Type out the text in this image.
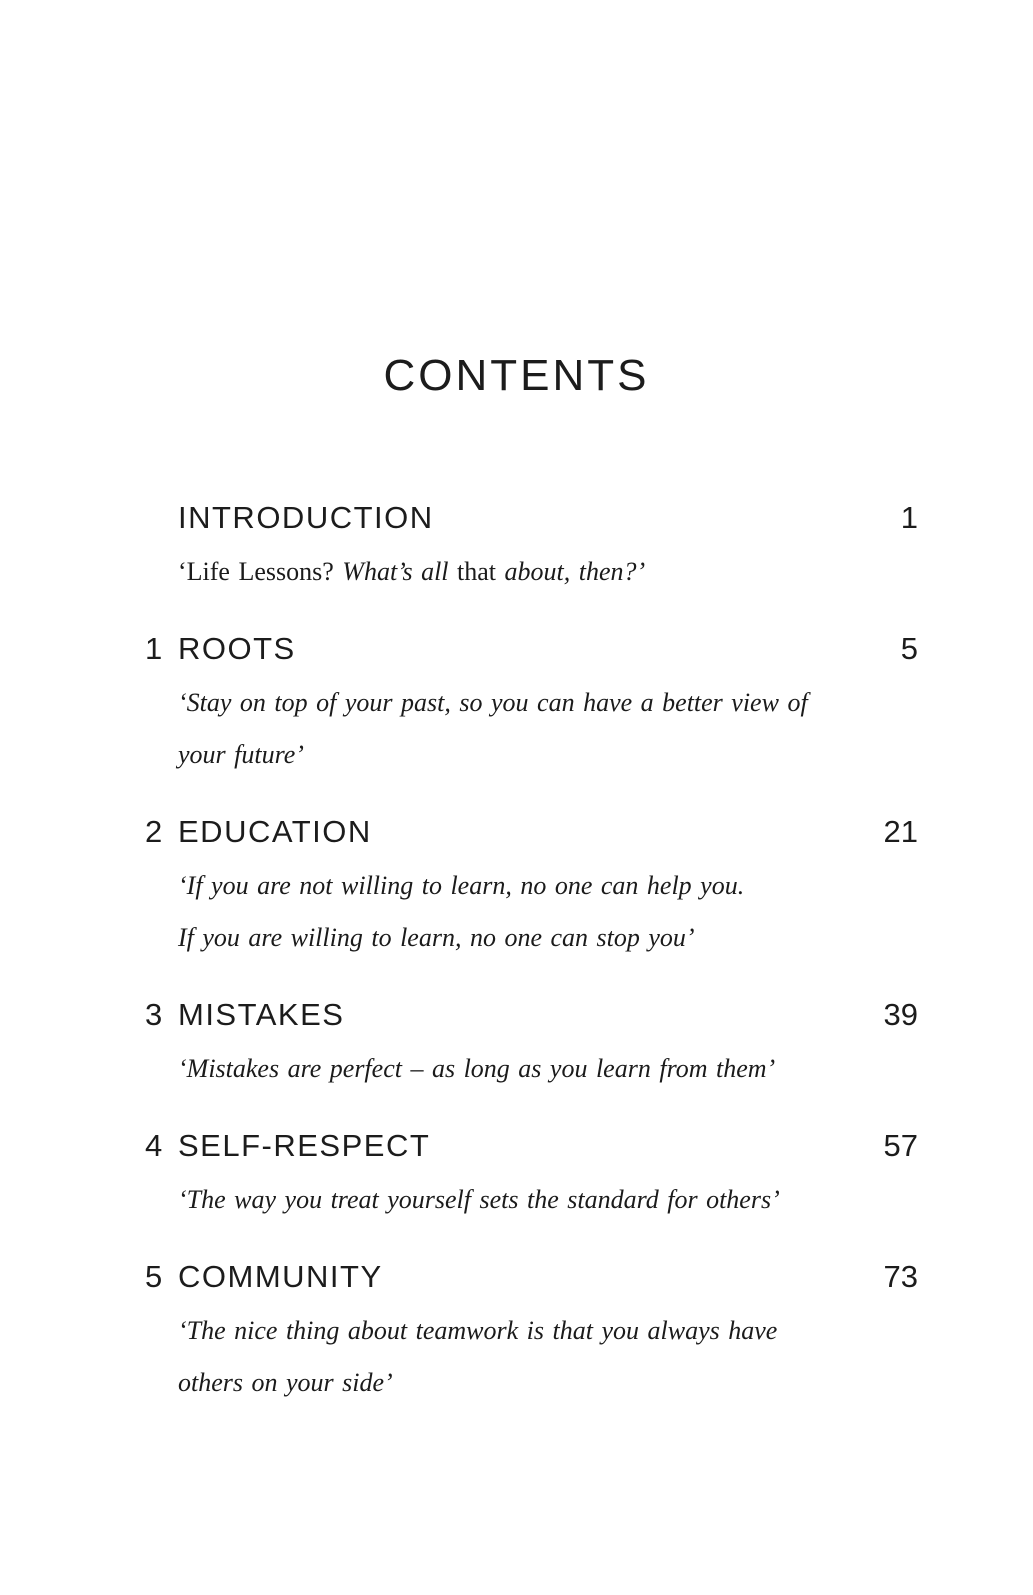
CONTENTS
INTRODUCTION	1
‘Life Lessons? What’s all that about, then?’
1 ROOTS	5
‘Stay on top of your past, so you can have a better view of
your future’
2 EDUCATION	21
‘If you are not willing to learn, no one can help you.
If you are willing to learn, no one can stop you’
3 MISTAKES	39
‘Mistakes are perfect – as long as you learn from them’
4 SELF-RESPECT	57
‘The way you treat yourself sets the standard for others’
5 COMMUNITY	73
‘The nice thing about teamwork is that you always have
others on your side’
